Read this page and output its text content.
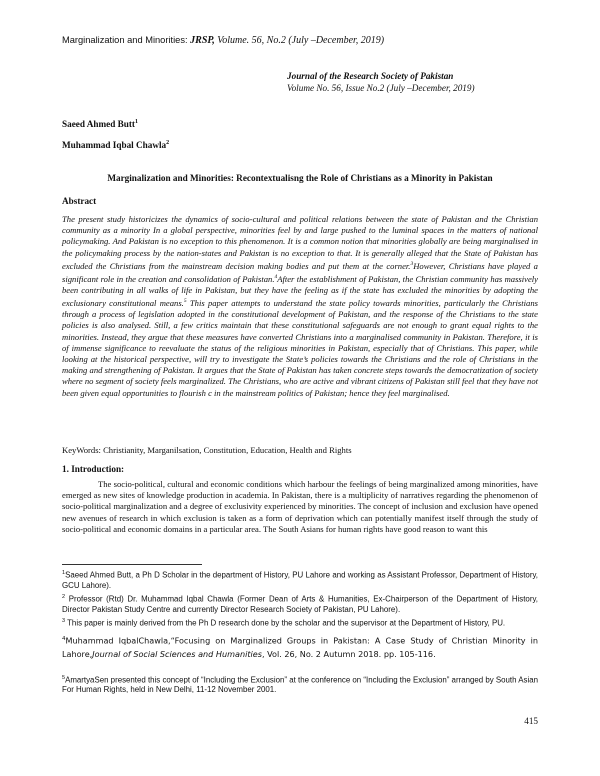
Marginalization and Minorities: JRSP, Volume. 56, No.2 (July –December, 2019)
Journal of the Research Society of Pakistan
Volume No. 56, Issue No.2 (July –December, 2019)
Saeed Ahmed Butt$^1$
Muhammad Iqbal Chawla$^2$
Marginalization and Minorities: Recontextualisng the Role of Christians as a Minority in Pakistan
Abstract

The present study historicizes the dynamics of socio-cultural and political relations between the state of Pakistan and the Christian community as a minority In a global perspective, minorities feel by and large pushed to the luminal spaces in the matters of national policymaking. And Pakistan is no exception to this phenomenon. It is a common notion that minorities globally are being marginalised in the policymaking process by the nation-states and Pakistan is no exception to that. It is generally alleged that the State of Pakistan has excluded the Christians from the mainstream decision making bodies and put them at the corner.$^3$However, Christians have played a significant role in the creation and consolidation of Pakistan.$^4$After the establishment of Pakistan, the Christian community has massively been contributing in all walks of life in Pakistan, but they have the feeling as if the state has excluded the minorities by adopting the exclusionary constitutional means.$^5$ This paper attempts to understand the state policy towards minorities, particularly the Christians through a process of legislation adopted in the constitutional development of Pakistan, and the response of the Christians to the state policies is also analysed. Still, a few critics maintain that these constitutional safeguards are not enough to grant equal rights to the minorities. Instead, they argue that these measures have converted Christians into a marginalised community in Pakistan. Therefore, it is of immense significance to reevaluate the status of the religious minorities in Pakistan, especially that of Christians. This paper, while looking at the historical perspective, will try to investigate the State’s policies towards the Christians and the role of Christians in the making and strengthening of Pakistan. It argues that the State of Pakistan has taken concrete steps towards the democratization of society where no segment of society feels marginalized. The Christians, who are active and vibrant citizens of Pakistan still feel that they have not been given equal opportunities to flourish c in the mainstream politics of Pakistan; hence they feel marginalised.

KeyWords: Christianity, Marganilsation, Constitution, Education, Health and Rights
1. Introduction:

The socio-political, cultural and economic conditions which harbour the feelings of being marginalized among minorities, have emerged as new sites of knowledge production in academia. In Pakistan, there is a multiplicity of narratives regarding the phenomenon of socio-political marginalization and a degree of exclusivity experienced by minorities. The concept of inclusion and exclusion have opened new avenues of research in which exclusion is taken as a form of deprivation which can potentially manifest itself through the study of socio-political and economic domains in a particular area. The South Asians for human rights have good reason to want this

$^1$Saeed Ahmed Butt, a Ph D Scholar in the department of History, PU Lahore and working as Assistant Professor, Department of History, GCU Lahore).

$^2$ Professor (Rtd) Dr. Muhammad Iqbal Chawla (Former Dean of Arts & Humanities, Ex-Chairperson of the Department of History, Director Pakistan Study Centre and currently Director Research Society of Pakistan, PU Lahore).

$^3$ This paper is mainly derived from the Ph D research done by the scholar and the supervisor at the Department of History, PU.

$^4$Muhammad IqbalChawla,“Focusing on Marginalized Groups in Pakistan: A Case Study of Christian Minority in Lahore,Journal of Social Sciences and Humanities, Vol. 26, No. 2 Autumn 2018. pp. 105-116.

$^5$AmartyaSen presented this concept of “Including the Exclusion” at the conference on “Including the Exclusion” arranged by South Asian For Human Rights, held in New Delhi, 11-12 November 2001.

415
